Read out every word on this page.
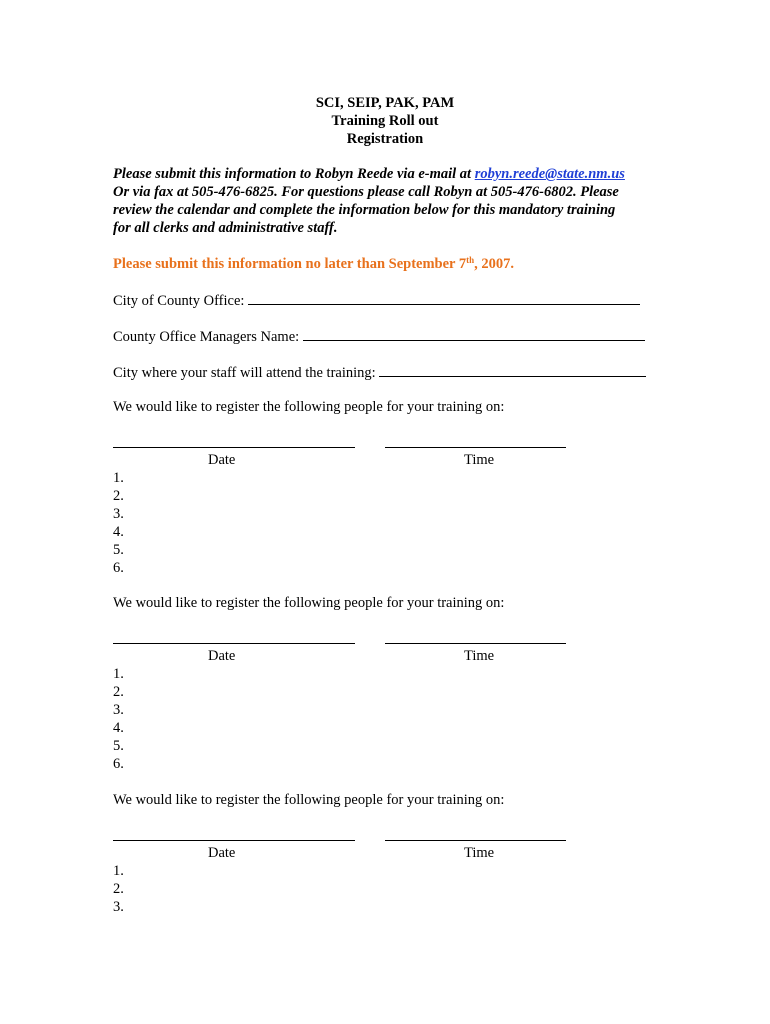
SCI, SEIP, PAK, PAM
Training Roll out
Registration
Please submit this information to Robyn Reede via e-mail at robyn.reede@state.nm.us
Or via fax at 505-476-6825. For questions please call Robyn at 505-476-6802. Please
review the calendar and complete the information below for this mandatory training
for all clerks and administrative staff.
Please submit this information no later than September 7th, 2007.
City of County Office:
County Office Managers Name:
City where your staff will attend the training:
We would like to register the following people for your training on:
Date	Time
1.
2.
3.
4.
5.
6.
We would like to register the following people for your training on:
Date	Time
1.
2.
3.
4.
5.
6.
We would like to register the following people for your training on:
Date	Time
1.
2.
3.
